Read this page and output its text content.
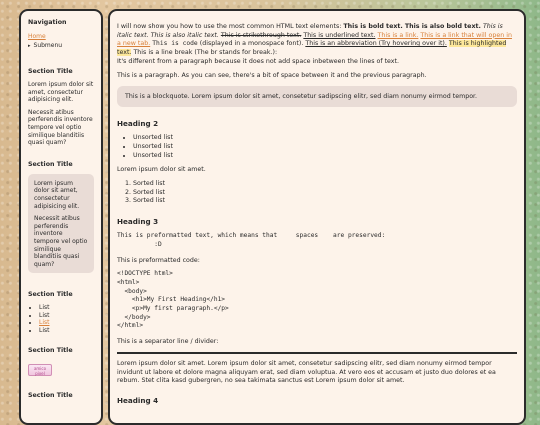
Navigation
Home
▸ Submenu
Section Title

Lorem ipsum dolor sit amet, consectetur adipisicing elit.

Necessit atibus perferendis inventore tempore vel optio similique blanditiis quasi quam?

Section Title

Lorem ipsum dolor sit amet, consectetur adipisicing elit.

Necessit atibus perferendis inventore tempore vel optio similique blanditiis quasi quam?

Section Title
• List
• List
• List
• List
Section Title
amico pixel
Section Title

I will now show you how to use the most common HTML text elements: This is bold text. This is also bold text. This is italic text. This is also italic text. This is strikethrough text. This is underlined text. This is a link. This is a link that will open in a new tab. This is code (displayed in a monospace font). This is an abbreviation (Try hovering over it). This is highlighted text. This is a line break (The br stands for break.):
It's different from a paragraph because it does not add space inbetween the lines of text.

This is a paragraph. As you can see, there's a bit of space between it and the previous paragraph.

This is a blockquote. Lorem ipsum dolor sit amet, consetetur sadipscing elitr, sed diam nonumy eirmod tempor.
Heading 2
• Unsorted list
• Unsorted list
• Unsorted list

Lorem ipsum dolor sit amet.

1. Sorted list
2. Sorted list
3. Sorted list
Heading 3
This is preformatted text, which means that     spaces    are preserved:
:D

This is preformatted code:

<!DOCTYPE html>
<html>
<body>
<h1>My First Heading</h1>
<p>My first paragraph.</p>
</body>
</html>

This is a separator line / divider:

Lorem ipsum dolor sit amet. Lorem ipsum dolor sit amet, consetetur sadipscing elitr, sed diam nonumy eirmod tempor invidunt ut labore et dolore magna aliquyam erat, sed diam voluptua. At vero eos et accusam et justo duo dolores et ea rebum. Stet clita kasd gubergren, no sea takimata sanctus est Lorem ipsum dolor sit amet.

Heading 4
